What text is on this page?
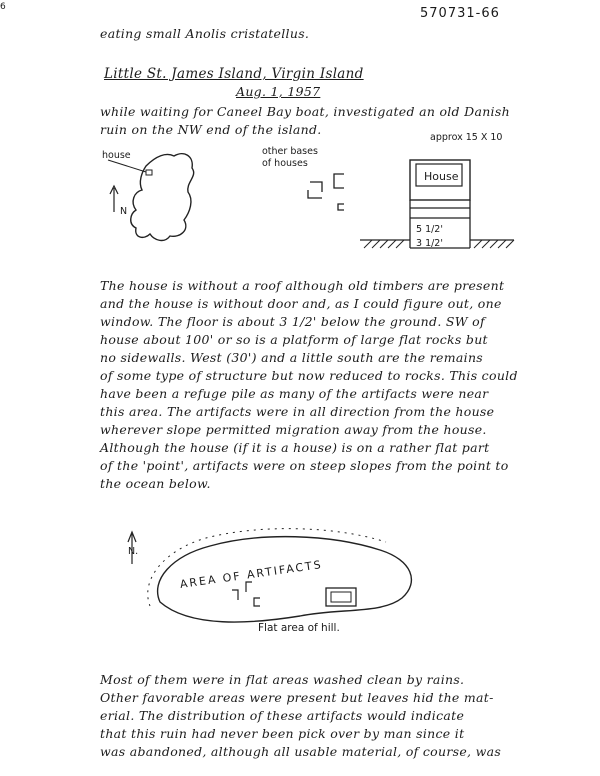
6	570731-66
eating small Anolis cristatellus.
Little St. James Island, Virgin Island
Aug. 1, 1957
while waiting for Caneel Bay boat, investigated an old Danish
ruin on the NW end of the island.
house
N
other bases
of houses
approx 15 X 10
House
5 1/2'
3 1/2'
The house is without a roof although old timbers are present
and the house is without door and, as I could figure out, one
window. The floor is about 3 1/2' below the ground. SW of
house about 100' or so is a platform of large flat rocks but
no sidewalls. West (30') and a little south are the remains
of some type of structure but now reduced to rocks. This could
have been a refuge pile as many of the artifacts were near
this area. The artifacts were in all direction from the house
wherever slope permitted migration away from the house.
Although the house (if it is a house) is on a rather flat part
of the 'point', artifacts were on steep slopes from the point to
the ocean below.
N.
AREA OF ARTIFACTS
Flat area of hill.
Most of them were in flat areas washed clean by rains.
Other favorable areas were present but leaves hid the mat-
erial. The distribution of these artifacts would indicate
that this ruin had never been pick over by man since it
was abandoned, although all usable material, of course, was
